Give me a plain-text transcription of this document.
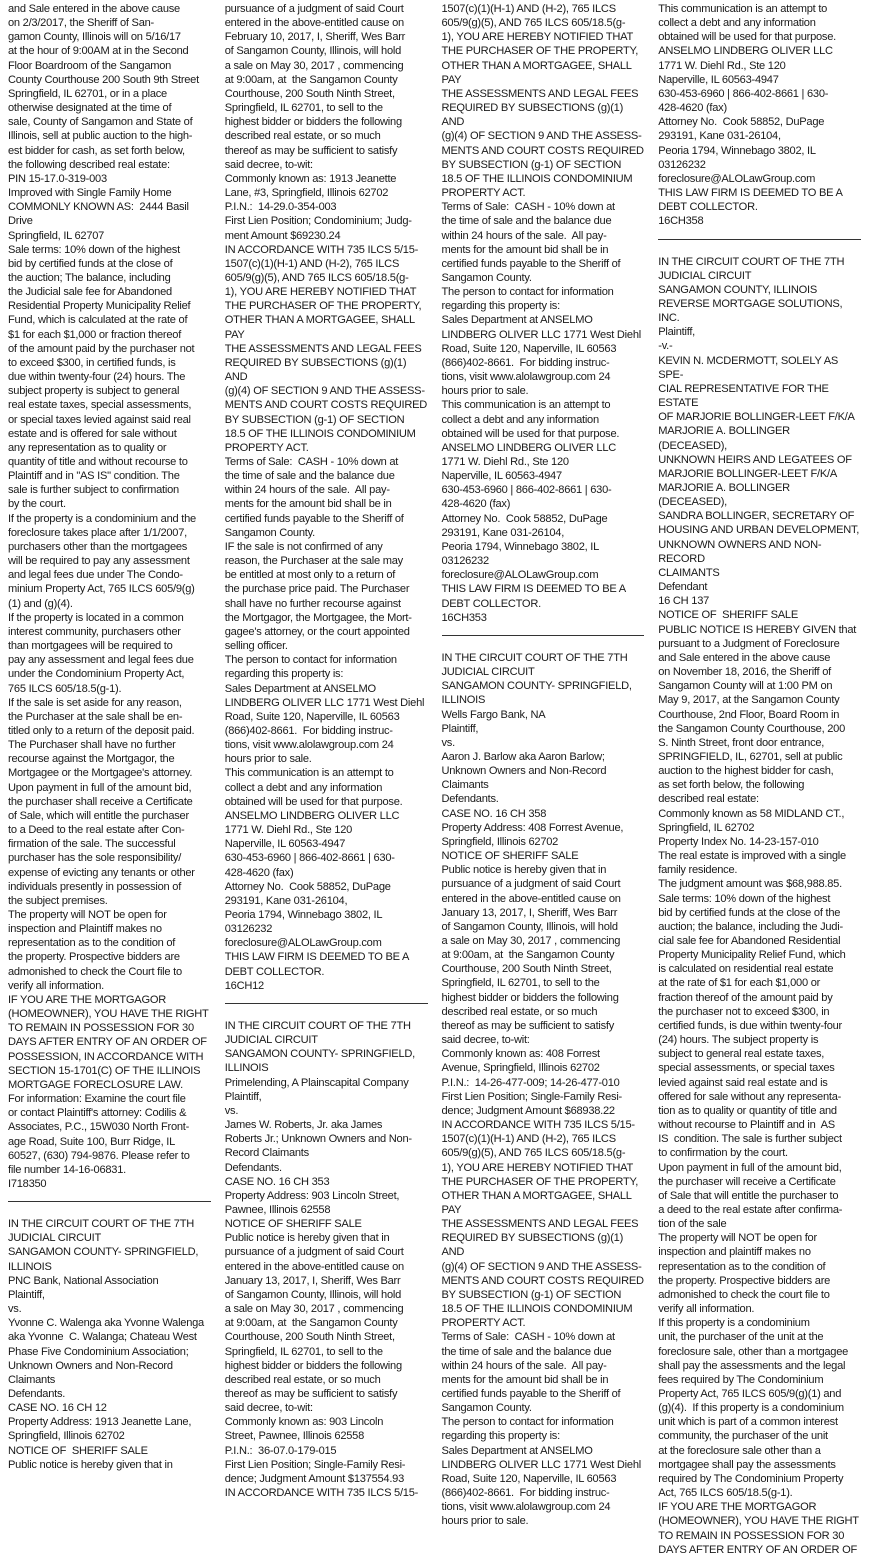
and Sale entered in the above cause
on 2/3/2017, the Sheriff of San-
gamon County, Illinois will on 5/16/17
at the hour of 9:00AM at in the Second
Floor Boardroom of the Sangamon
County Courthouse 200 South 9th Street
Springfield, IL 62701, or in a place
otherwise designated at the time of
sale, County of Sangamon and State of
Illinois, sell at public auction to the high-
est bidder for cash, as set forth below,
the following described real estate:
PIN 15-17.0-319-003
Improved with Single Family Home
COMMONLY KNOWN AS:  2444 Basil
Drive
Springfield, IL 62707
Sale terms: 10% down of the highest
bid by certified funds at the close of
the auction; The balance, including
the Judicial sale fee for Abandoned
Residential Property Municipality Relief
Fund, which is calculated at the rate of
$1 for each $1,000 or fraction thereof
of the amount paid by the purchaser not
to exceed $300, in certified funds, is
due within twenty-four (24) hours. The
subject property is subject to general
real estate taxes, special assessments,
or special taxes levied against said real
estate and is offered for sale without
any representation as to quality or
quantity of title and without recourse to
Plaintiff and in "AS IS" condition. The
sale is further subject to confirmation
by the court.
If the property is a condominium and the
foreclosure takes place after 1/1/2007,
purchasers other than the mortgagees
will be required to pay any assessment
and legal fees due under The Condo-
minium Property Act, 765 ILCS 605/9(g)
(1) and (g)(4).
If the property is located in a common
interest community, purchasers other
than mortgagees will be required to
pay any assessment and legal fees due
under the Condominium Property Act,
765 ILCS 605/18.5(g-1).
If the sale is set aside for any reason,
the Purchaser at the sale shall be en-
titled only to a return of the deposit paid.
The Purchaser shall have no further
recourse against the Mortgagor, the
Mortgagee or the Mortgagee's attorney.
Upon payment in full of the amount bid,
the purchaser shall receive a Certificate
of Sale, which will entitle the purchaser
to a Deed to the real estate after Con-
firmation of the sale. The successful
purchaser has the sole responsibility/
expense of evicting any tenants or other
individuals presently in possession of
the subject premises.
The property will NOT be open for
inspection and Plaintiff makes no
representation as to the condition of
the property. Prospective bidders are
admonished to check the Court file to
verify all information.
IF YOU ARE THE MORTGAGOR
(HOMEOWNER), YOU HAVE THE RIGHT
TO REMAIN IN POSSESSION FOR 30
DAYS AFTER ENTRY OF AN ORDER OF
POSSESSION, IN ACCORDANCE WITH
SECTION 15-1701(C) OF THE ILLINOIS
MORTGAGE FORECLOSURE LAW.
For information: Examine the court file
or contact Plaintiff's attorney: Codilis &
Associates, P.C., 15W030 North Front-
age Road, Suite 100, Burr Ridge, IL
60527, (630) 794-9876. Please refer to
file number 14-16-06831.
I718350

IN THE CIRCUIT COURT OF THE 7TH
JUDICIAL CIRCUIT
SANGAMON COUNTY- SPRINGFIELD,
ILLINOIS
PNC Bank, National Association
Plaintiff,
vs.
Yvonne C. Walenga aka Yvonne Walenga
aka Yvonne  C. Walanga; Chateau West
Phase Five Condominium Association;
Unknown Owners and Non-Record
Claimants
Defendants.
CASE NO. 16 CH 12
Property Address: 1913 Jeanette Lane,
Springfield, Illinois 62702
NOTICE OF  SHERIFF SALE
Public notice is hereby given that in

pursuance of a judgment of said Court
entered in the above-entitled cause on
February 10, 2017, I, Sheriff, Wes Barr
of Sangamon County, Illinois, will hold
a sale on May 30, 2017 , commencing
at 9:00am, at  the Sangamon County
Courthouse, 200 South Ninth Street,
Springfield, IL 62701, to sell to the
highest bidder or bidders the following
described real estate, or so much
thereof as may be sufficient to satisfy
said decree, to-wit:
Commonly known as: 1913 Jeanette
Lane, #3, Springfield, Illinois 62702
P.I.N.:  14-29.0-354-003
First Lien Position; Condominium; Judg-
ment Amount $69230.24
IN ACCORDANCE WITH 735 ILCS 5/15-
1507(c)(1)(H-1) AND (H-2), 765 ILCS
605/9(g)(5), AND 765 ILCS 605/18.5(g-
1), YOU ARE HEREBY NOTIFIED THAT
THE PURCHASER OF THE PROPERTY,
OTHER THAN A MORTGAGEE, SHALL PAY
THE ASSESSMENTS AND LEGAL FEES
REQUIRED BY SUBSECTIONS (g)(1) AND
(g)(4) OF SECTION 9 AND THE ASSESS-
MENTS AND COURT COSTS REQUIRED
BY SUBSECTION (g-1) OF SECTION
18.5 OF THE ILLINOIS CONDOMINIUM
PROPERTY ACT.
Terms of Sale:  CASH - 10% down at
the time of sale and the balance due
within 24 hours of the sale.  All pay-
ments for the amount bid shall be in
certified funds payable to the Sheriff of
Sangamon County.
IF the sale is not confirmed of any
reason, the Purchaser at the sale may
be entitled at most only to a return of
the purchase price paid. The Purchaser
shall have no further recourse against
the Mortgagor, the Mortgagee, the Mort-
gagee's attorney, or the court appointed
selling officer.
The person to contact for information
regarding this property is:
Sales Department at ANSELMO
LINDBERG OLIVER LLC 1771 West Diehl
Road, Suite 120, Naperville, IL 60563
(866)402-8661.  For bidding instruc-
tions, visit www.alolawgroup.com 24
hours prior to sale.
This communication is an attempt to
collect a debt and any information
obtained will be used for that purpose.
ANSELMO LINDBERG OLIVER LLC
1771 W. Diehl Rd., Ste 120
Naperville, IL 60563-4947
630-453-6960 | 866-402-8661 | 630-
428-4620 (fax)
Attorney No.  Cook 58852, DuPage
293191, Kane 031-26104,
Peoria 1794, Winnebago 3802, IL
03126232
foreclosure@ALOLawGroup.com
THIS LAW FIRM IS DEEMED TO BE A
DEBT COLLECTOR.
16CH12

IN THE CIRCUIT COURT OF THE 7TH
JUDICIAL CIRCUIT
SANGAMON COUNTY- SPRINGFIELD,
ILLINOIS
Primelending, A Plainscapital Company
Plaintiff,
vs.
James W. Roberts, Jr. aka James
Roberts Jr.; Unknown Owners and Non-
Record Claimants
Defendants.
CASE NO. 16 CH 353
Property Address: 903 Lincoln Street,
Pawnee, Illinois 62558
NOTICE OF SHERIFF SALE
Public notice is hereby given that in
pursuance of a judgment of said Court
entered in the above-entitled cause on
January 13, 2017, I, Sheriff, Wes Barr
of Sangamon County, Illinois, will hold
a sale on May 30, 2017 , commencing
at 9:00am, at  the Sangamon County
Courthouse, 200 South Ninth Street,
Springfield, IL 62701, to sell to the
highest bidder or bidders the following
described real estate, or so much
thereof as may be sufficient to satisfy
said decree, to-wit:
Commonly known as: 903 Lincoln
Street, Pawnee, Illinois 62558
P.I.N.:  36-07.0-179-015
First Lien Position; Single-Family Resi-
dence; Judgment Amount $137554.93
IN ACCORDANCE WITH 735 ILCS 5/15-

1507(c)(1)(H-1) AND (H-2), 765 ILCS
605/9(g)(5), AND 765 ILCS 605/18.5(g-
1), YOU ARE HEREBY NOTIFIED THAT
THE PURCHASER OF THE PROPERTY,
OTHER THAN A MORTGAGEE, SHALL PAY
THE ASSESSMENTS AND LEGAL FEES
REQUIRED BY SUBSECTIONS (g)(1) AND
(g)(4) OF SECTION 9 AND THE ASSESS-
MENTS AND COURT COSTS REQUIRED
BY SUBSECTION (g-1) OF SECTION
18.5 OF THE ILLINOIS CONDOMINIUM
PROPERTY ACT.
Terms of Sale:  CASH - 10% down at
the time of sale and the balance due
within 24 hours of the sale.  All pay-
ments for the amount bid shall be in
certified funds payable to the Sheriff of
Sangamon County.
The person to contact for information
regarding this property is:
Sales Department at ANSELMO
LINDBERG OLIVER LLC 1771 West Diehl
Road, Suite 120, Naperville, IL 60563
(866)402-8661.  For bidding instruc-
tions, visit www.alolawgroup.com 24
hours prior to sale.
This communication is an attempt to
collect a debt and any information
obtained will be used for that purpose.
ANSELMO LINDBERG OLIVER LLC
1771 W. Diehl Rd., Ste 120
Naperville, IL 60563-4947
630-453-6960 | 866-402-8661 | 630-
428-4620 (fax)
Attorney No.  Cook 58852, DuPage
293191, Kane 031-26104,
Peoria 1794, Winnebago 3802, IL
03126232
foreclosure@ALOLawGroup.com
THIS LAW FIRM IS DEEMED TO BE A
DEBT COLLECTOR.
16CH353

IN THE CIRCUIT COURT OF THE 7TH
JUDICIAL CIRCUIT
SANGAMON COUNTY- SPRINGFIELD,
ILLINOIS
Wells Fargo Bank, NA
Plaintiff,
vs.
Aaron J. Barlow aka Aaron Barlow;
Unknown Owners and Non-Record
Claimants
Defendants.
CASE NO. 16 CH 358
Property Address: 408 Forrest Avenue,
Springfield, Illinois 62702
NOTICE OF SHERIFF SALE
Public notice is hereby given that in
pursuance of a judgment of said Court
entered in the above-entitled cause on
January 13, 2017, I, Sheriff, Wes Barr
of Sangamon County, Illinois, will hold
a sale on May 30, 2017 , commencing
at 9:00am, at  the Sangamon County
Courthouse, 200 South Ninth Street,
Springfield, IL 62701, to sell to the
highest bidder or bidders the following
described real estate, or so much
thereof as may be sufficient to satisfy
said decree, to-wit:
Commonly known as: 408 Forrest
Avenue, Springfield, Illinois 62702
P.I.N.:  14-26-477-009; 14-26-477-010
First Lien Position; Single-Family Resi-
dence; Judgment Amount $68938.22
IN ACCORDANCE WITH 735 ILCS 5/15-
1507(c)(1)(H-1) AND (H-2), 765 ILCS
605/9(g)(5), AND 765 ILCS 605/18.5(g-
1), YOU ARE HEREBY NOTIFIED THAT
THE PURCHASER OF THE PROPERTY,
OTHER THAN A MORTGAGEE, SHALL PAY
THE ASSESSMENTS AND LEGAL FEES
REQUIRED BY SUBSECTIONS (g)(1) AND
(g)(4) OF SECTION 9 AND THE ASSESS-
MENTS AND COURT COSTS REQUIRED
BY SUBSECTION (g-1) OF SECTION
18.5 OF THE ILLINOIS CONDOMINIUM
PROPERTY ACT.
Terms of Sale:  CASH - 10% down at
the time of sale and the balance due
within 24 hours of the sale.  All pay-
ments for the amount bid shall be in
certified funds payable to the Sheriff of
Sangamon County.
The person to contact for information
regarding this property is:
Sales Department at ANSELMO
LINDBERG OLIVER LLC 1771 West Diehl
Road, Suite 120, Naperville, IL 60563
(866)402-8661.  For bidding instruc-
tions, visit www.alolawgroup.com 24
hours prior to sale.

This communication is an attempt to
collect a debt and any information
obtained will be used for that purpose.
ANSELMO LINDBERG OLIVER LLC
1771 W. Diehl Rd., Ste 120
Naperville, IL 60563-4947
630-453-6960 | 866-402-8661 | 630-
428-4620 (fax)
Attorney No.  Cook 58852, DuPage
293191, Kane 031-26104,
Peoria 1794, Winnebago 3802, IL
03126232
foreclosure@ALOLawGroup.com
THIS LAW FIRM IS DEEMED TO BE A
DEBT COLLECTOR.
16CH358

IN THE CIRCUIT COURT OF THE 7TH
JUDICIAL CIRCUIT
SANGAMON COUNTY, ILLINOIS
REVERSE MORTGAGE SOLUTIONS, INC.
Plaintiff,
-v.-
KEVIN N. MCDERMOTT, SOLELY AS SPE-
CIAL REPRESENTATIVE FOR THE ESTATE
OF MARJORIE BOLLINGER-LEET F/K/A
MARJORIE A. BOLLINGER (DECEASED),
UNKNOWN HEIRS AND LEGATEES OF
MARJORIE BOLLINGER-LEET F/K/A
MARJORIE A. BOLLINGER (DECEASED),
SANDRA BOLLINGER, SECRETARY OF
HOUSING AND URBAN DEVELOPMENT,
UNKNOWN OWNERS AND NON-RECORD
CLAIMANTS
Defendant
16 CH 137
NOTICE OF  SHERIFF SALE
PUBLIC NOTICE IS HEREBY GIVEN that
pursuant to a Judgment of Foreclosure
and Sale entered in the above cause
on November 18, 2016, the Sheriff of
Sangamon County will at 1:00 PM on
May 9, 2017, at the Sangamon County
Courthouse, 2nd Floor, Board Room in
the Sangamon County Courthouse, 200
S. Ninth Street, front door entrance,
SPRINGFIELD, IL, 62701, sell at public
auction to the highest bidder for cash,
as set forth below, the following
described real estate:
Commonly known as 58 MIDLAND CT.,
Springfield, IL 62702
Property Index No. 14-23-157-010
The real estate is improved with a single
family residence.
The judgment amount was $68,988.85.
Sale terms: 10% down of the highest
bid by certified funds at the close of the
auction; the balance, including the Judi-
cial sale fee for Abandoned Residential
Property Municipality Relief Fund, which
is calculated on residential real estate
at the rate of $1 for each $1,000 or
fraction thereof of the amount paid by
the purchaser not to exceed $300, in
certified funds, is due within twenty-four
(24) hours. The subject property is
subject to general real estate taxes,
special assessments, or special taxes
levied against said real estate and is
offered for sale without any representa-
tion as to quality or quantity of title and
without recourse to Plaintiff and in  AS
IS  condition. The sale is further subject
to confirmation by the court.
Upon payment in full of the amount bid,
the purchaser will receive a Certificate
of Sale that will entitle the purchaser to
a deed to the real estate after confirma-
tion of the sale
The property will NOT be open for
inspection and plaintiff makes no
representation as to the condition of
the property. Prospective bidders are
admonished to check the court file to
verify all information.
If this property is a condominium
unit, the purchaser of the unit at the
foreclosure sale, other than a mortgagee
shall pay the assessments and the legal
fees required by The Condominium
Property Act, 765 ILCS 605/9(g)(1) and
(g)(4).  If this property is a condominium
unit which is part of a common interest
community, the purchaser of the unit
at the foreclosure sale other than a
mortgagee shall pay the assessments
required by The Condominium Property
Act, 765 ILCS 605/18.5(g-1).
IF YOU ARE THE MORTGAGOR
(HOMEOWNER), YOU HAVE THE RIGHT
TO REMAIN IN POSSESSION FOR 30
DAYS AFTER ENTRY OF AN ORDER OF
